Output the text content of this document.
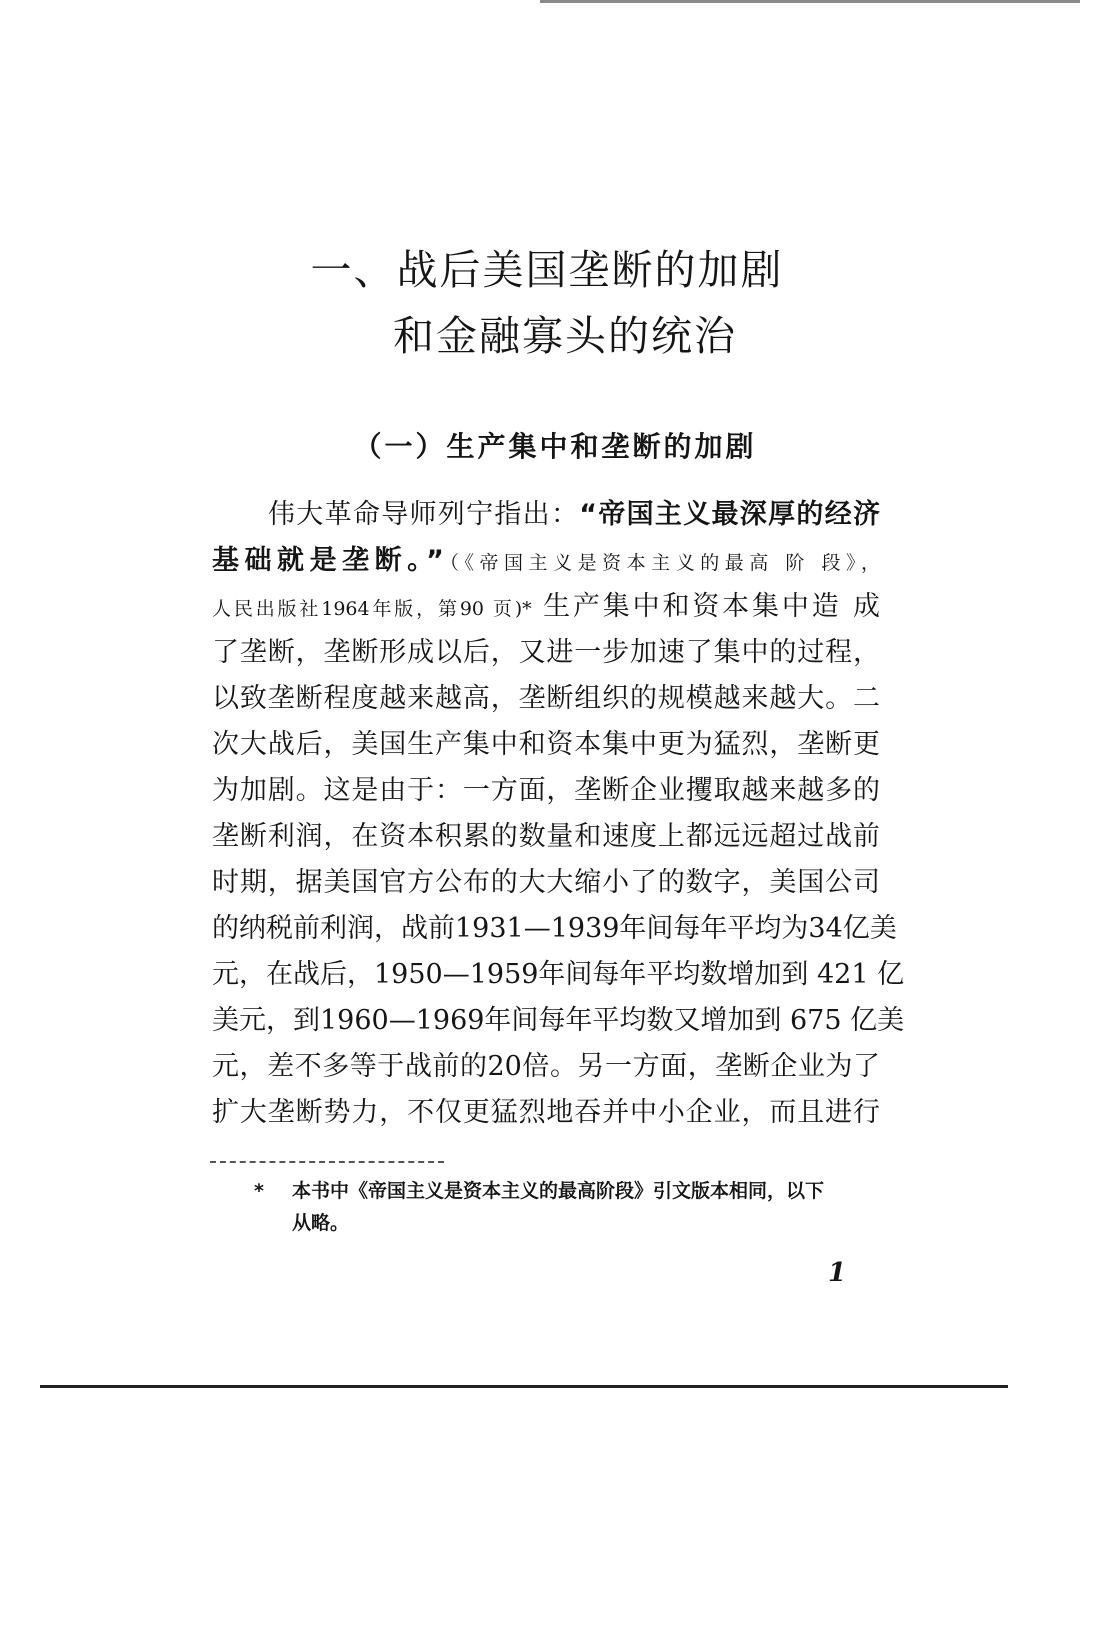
一、战后美国垄断的加剧
和金融寡头的统治
（一）生产集中和垄断的加剧
伟大革命导师列宁指出：“帝国主义最深厚的经济
基础就是垄断。”（《帝国主义是资本主义的最高 阶 段》，
人民出版社1964年版，第90 页)* 生产集中和资本集中造 成
了垄断，垄断形成以后，又进一步加速了集中的过程，
以致垄断程度越来越高，垄断组织的规模越来越大。二
次大战后，美国生产集中和资本集中更为猛烈，垄断更
为加剧。这是由于：一方面，垄断企业攫取越来越多的
垄断利润，在资本积累的数量和速度上都远远超过战前
时期，据美国官方公布的大大缩小了的数字，美国公司
的纳税前利润，战前1931—1939年间每年平均为34亿美
元，在战后，1950—1959年间每年平均数增加到 421 亿
美元，到1960—1969年间每年平均数又增加到 675 亿美
元，差不多等于战前的20倍。另一方面，垄断企业为了
扩大垄断势力，不仅更猛烈地吞并中小企业，而且进行
* 本书中《帝国主义是资本主义的最高阶段》引文版本相同，以下
从略。
1
